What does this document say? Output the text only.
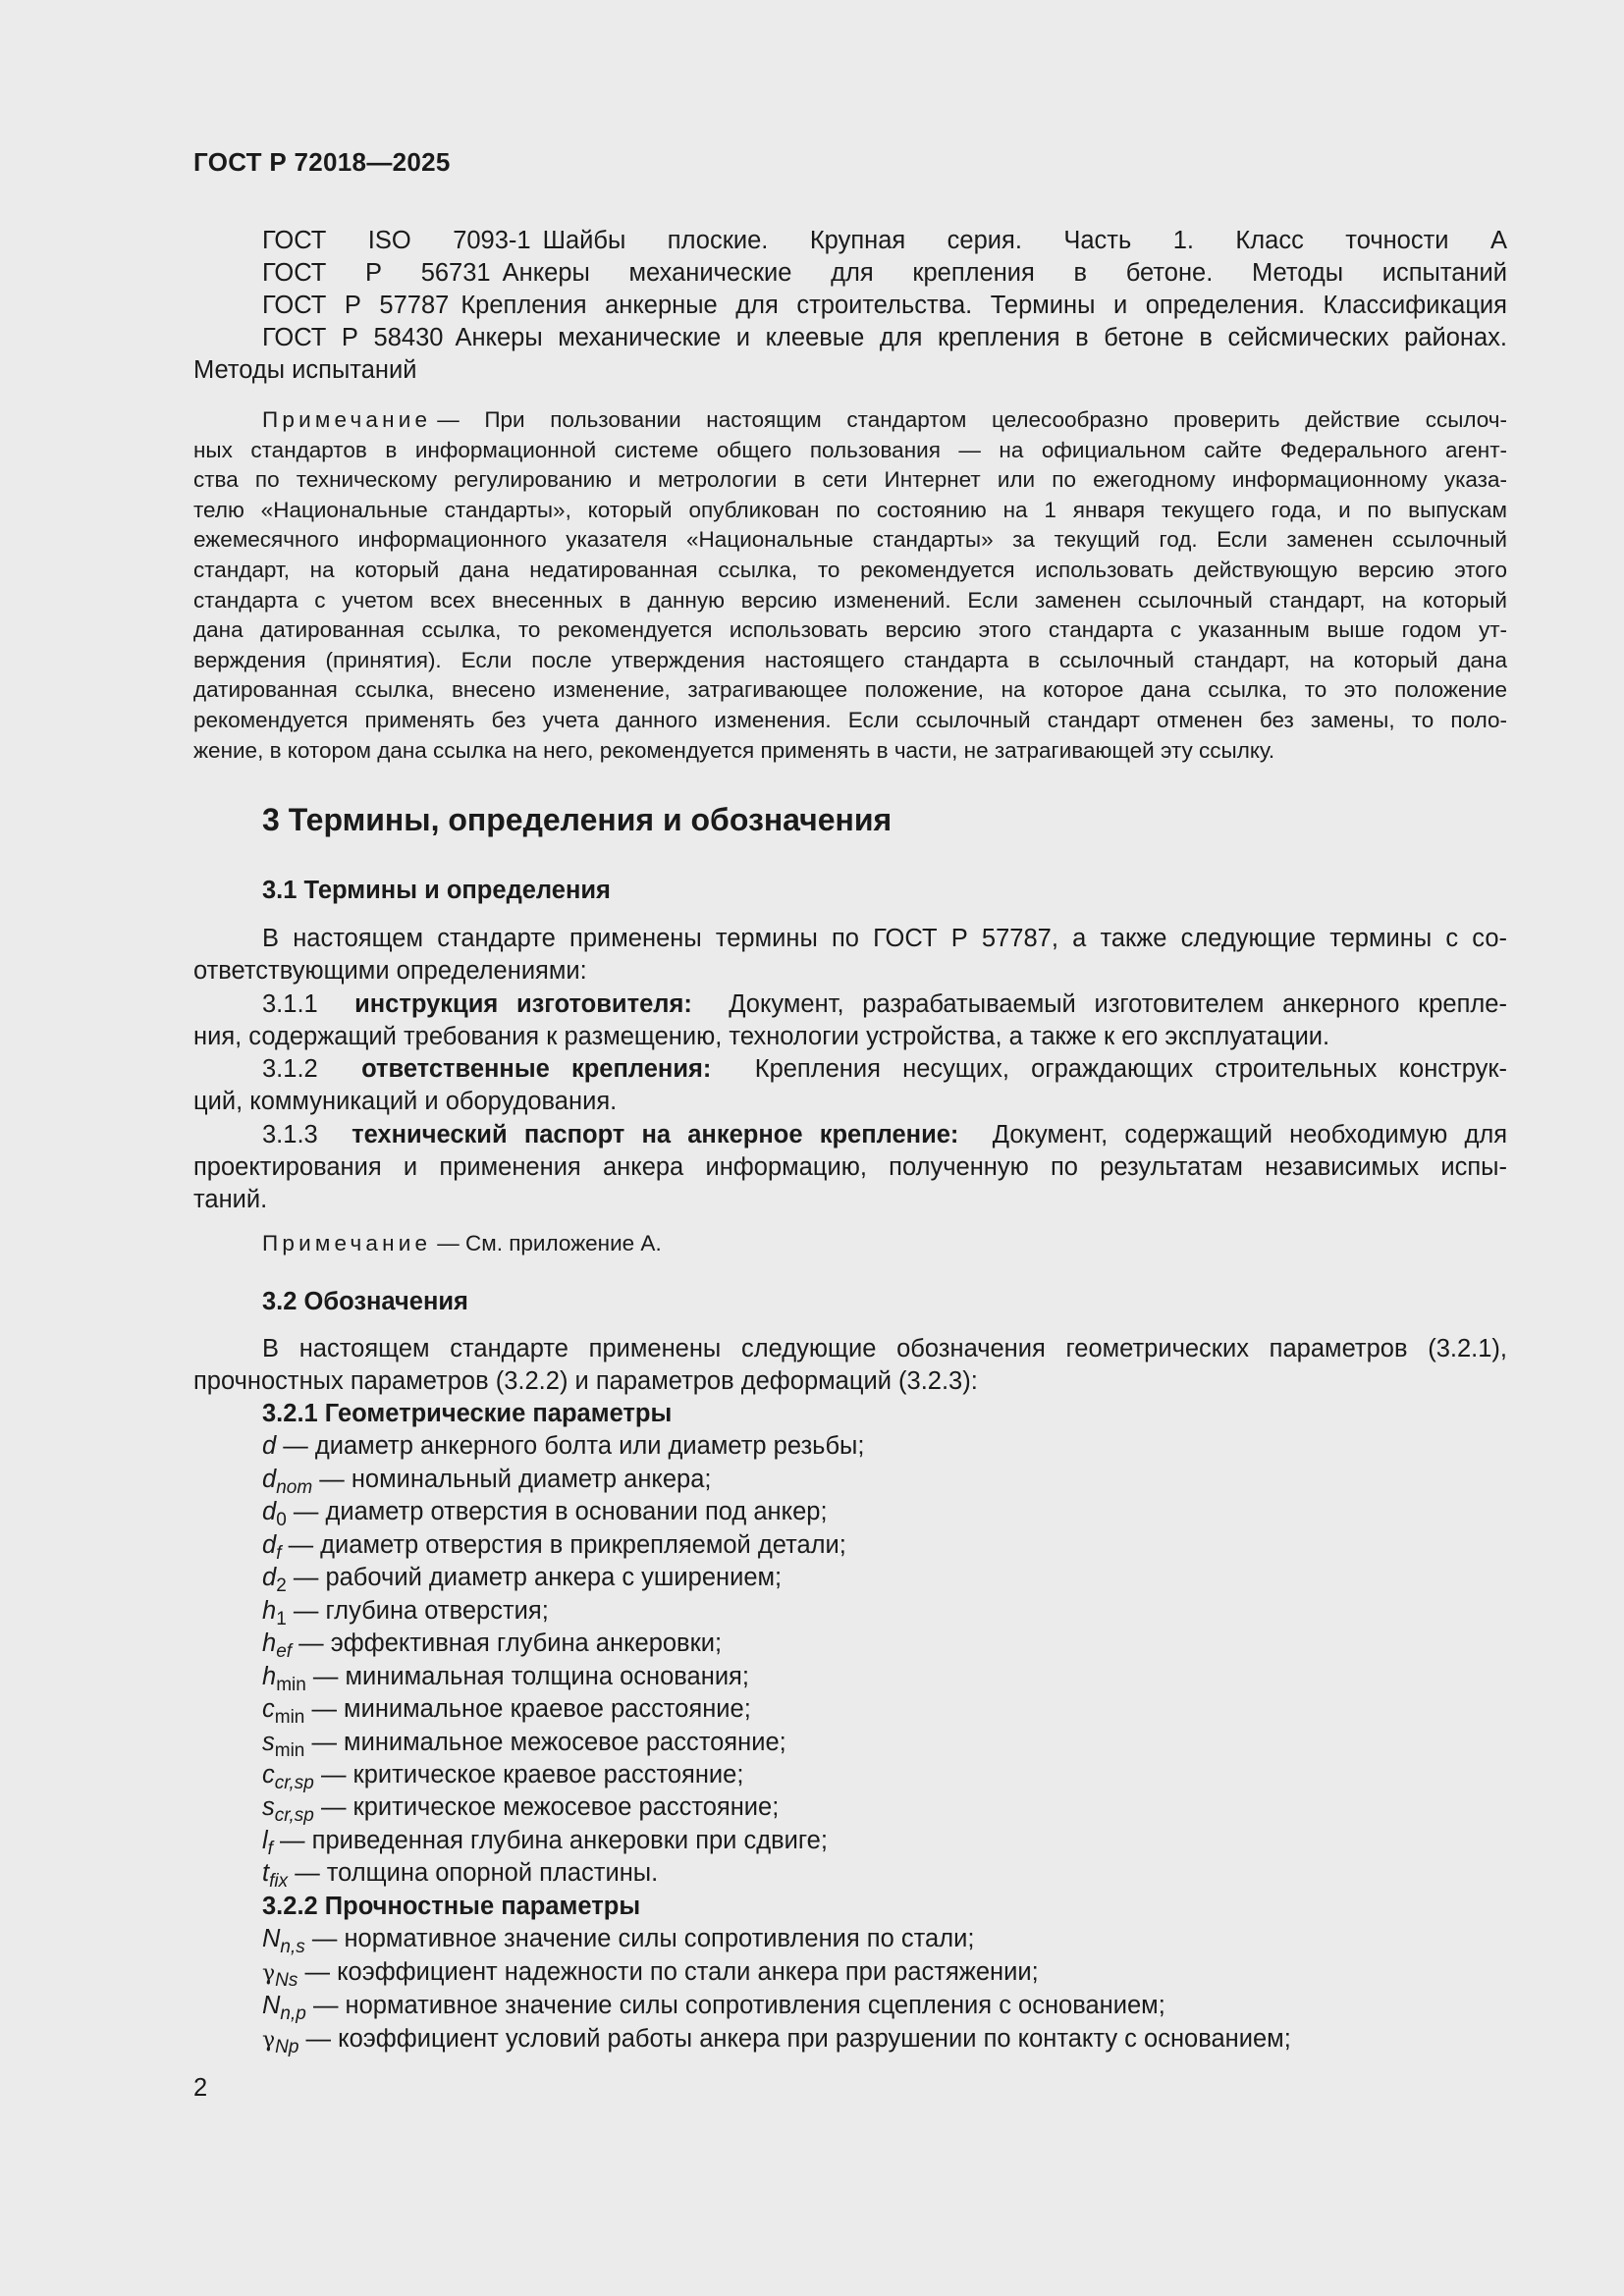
ГОСТ Р 72018—2025
ГОСТ ISO 7093-1 Шайбы плоские. Крупная серия. Часть 1. Класс точности А
ГОСТ Р 56731 Анкеры механические для крепления в бетоне. Методы испытаний
ГОСТ Р 57787 Крепления анкерные для строительства. Термины и определения. Классификация
ГОСТ Р 58430 Анкеры механические и клеевые для крепления в бетоне в сейсмических районах.
Методы испытаний
Примечание — При пользовании настоящим стандартом целесообразно проверить действие ссылоч-
ных стандартов в информационной системе общего пользования — на официальном сайте Федерального агент-
ства по техническому регулированию и метрологии в сети Интернет или по ежегодному информационному указа-
телю «Национальные стандарты», который опубликован по состоянию на 1 января текущего года, и по выпускам
ежемесячного информационного указателя «Национальные стандарты» за текущий год. Если заменен ссылочный
стандарт, на который дана недатированная ссылка, то рекомендуется использовать действующую версию этого
стандарта с учетом всех внесенных в данную версию изменений. Если заменен ссылочный стандарт, на который
дана датированная ссылка, то рекомендуется использовать версию этого стандарта с указанным выше годом ут-
верждения (принятия). Если после утверждения настоящего стандарта в ссылочный стандарт, на который дана
датированная ссылка, внесено изменение, затрагивающее положение, на которое дана ссылка, то это положение
рекомендуется применять без учета данного изменения. Если ссылочный стандарт отменен без замены, то поло-
жение, в котором дана ссылка на него, рекомендуется применять в части, не затрагивающей эту ссылку.
3 Термины, определения и обозначения
3.1 Термины и определения
В настоящем стандарте применены термины по ГОСТ Р 57787, а также следующие термины с со-
ответствующими определениями:
3.1.1 инструкция изготовителя: Документ, разрабатываемый изготовителем анкерного крепле-
ния, содержащий требования к размещению, технологии устройства, а также к его эксплуатации.
3.1.2 ответственные крепления: Крепления несущих, ограждающих строительных конструк-
ций, коммуникаций и оборудования.
3.1.3 технический паспорт на анкерное крепление: Документ, содержащий необходимую для
проектирования и применения анкера информацию, полученную по результатам независимых испы-
таний.
Примечание — См. приложение А.
3.2 Обозначения
В настоящем стандарте применены следующие обозначения геометрических параметров (3.2.1),
прочностных параметров (3.2.2) и параметров деформаций (3.2.3):
3.2.1 Геометрические параметры
d — диаметр анкерного болта или диаметр резьбы;
$d_{nom}$ — номинальный диаметр анкера;
$d_0$ — диаметр отверстия в основании под анкер;
$d_f$ — диаметр отверстия в прикрепляемой детали;
$d_2$ — рабочий диаметр анкера с уширением;
$h_1$ — глубина отверстия;
$h_{ef}$ — эффективная глубина анкеровки;
$h_{min}$ — минимальная толщина основания;
$c_{min}$ — минимальное краевое расстояние;
$s_{min}$ — минимальное межосевое расстояние;
$c_{cr,sp}$ — критическое краевое расстояние;
$s_{cr,sp}$ — критическое межосевое расстояние;
$l_f$ — приведенная глубина анкеровки при сдвиге;
$t_{fix}$ — толщина опорной пластины.
3.2.2 Прочностные параметры
$N_{n,s}$ — нормативное значение силы сопротивления по стали;
$\gamma_{Ns}$ — коэффициент надежности по стали анкера при растяжении;
$N_{n,p}$ — нормативное значение силы сопротивления сцепления с основанием;
$\gamma_{Np}$ — коэффициент условий работы анкера при разрушении по контакту с основанием;
2
